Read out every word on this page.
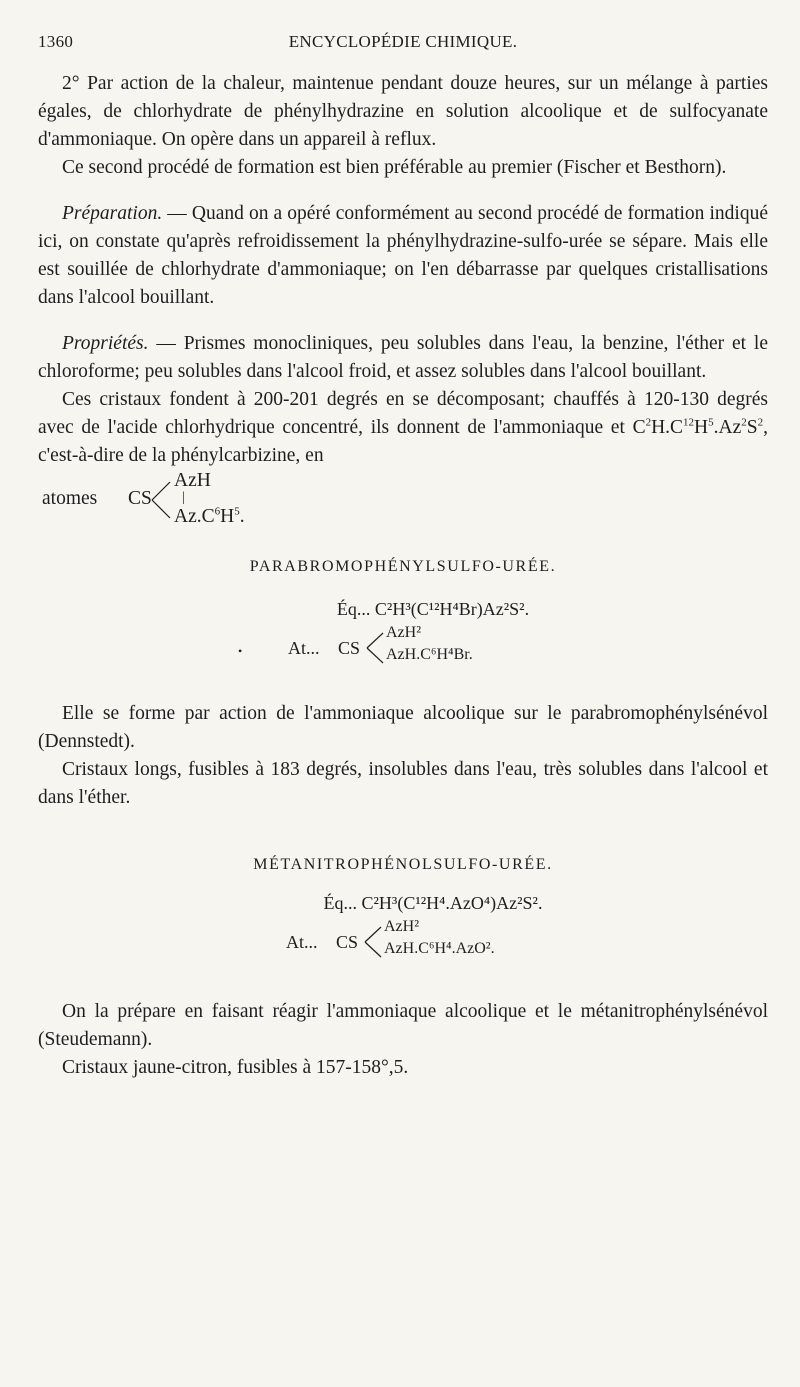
1360	ENCYCLOPÉDIE CHIMIQUE.

2° Par action de la chaleur, maintenue pendant douze heures, sur un mélange à parties égales, de chlorhydrate de phénylhydrazine en solution alcoolique et de sulfocyanate d'ammoniaque. On opère dans un appareil à reflux.

Ce second procédé de formation est bien préférable au premier (Fischer et Besthorn).

Préparation. — Quand on a opéré conformément au second procédé de formation indiqué ici, on constate qu'après refroidissement la phénylhydrazine-sulfo-urée se sépare. Mais elle est souillée de chlorhydrate d'ammoniaque; on l'en débarrasse par quelques cristallisations dans l'alcool bouillant.

Propriétés. — Prismes monocliniques, peu solubles dans l'eau, la benzine, l'éther et le chloroforme; peu solubles dans l'alcool froid, et assez solubles dans l'alcool bouillant.

Ces cristaux fondent à 200-201 degrés en se décomposant; chauffés à 120-130 degrés avec de l'acide chlorhydrique concentré, ils donnent de l'ammoniaque et $C^2H.C^{12}H^5.Az^2S^2$, c'est-à-dire de la phénylcarbizine, en

atomes CS
AzH
|
$Az.C^6H^5$.
PARABROMOPHÉNYLSULFO-URÉE.
Éq... C²H³(C¹²H⁴Br)Az²S².
•	At... CS
AzH²
AzH.C⁶H⁴Br.

Elle se forme par action de l'ammoniaque alcoolique sur le parabromophénylsénévol (Dennstedt).

Cristaux longs, fusibles à 183 degrés, insolubles dans l'eau, très solubles dans l'alcool et dans l'éther.

MÉTANITROPHÉNOLSULFO-URÉE.
Éq... C²H³(C¹²H⁴.AzO⁴)Az²S².
At... CS
AzH²
AzH.C⁶H⁴.AzO².

On la prépare en faisant réagir l'ammoniaque alcoolique et le métanitrophénylsénévol (Steudemann).

Cristaux jaune-citron, fusibles à 157-158°,5.
